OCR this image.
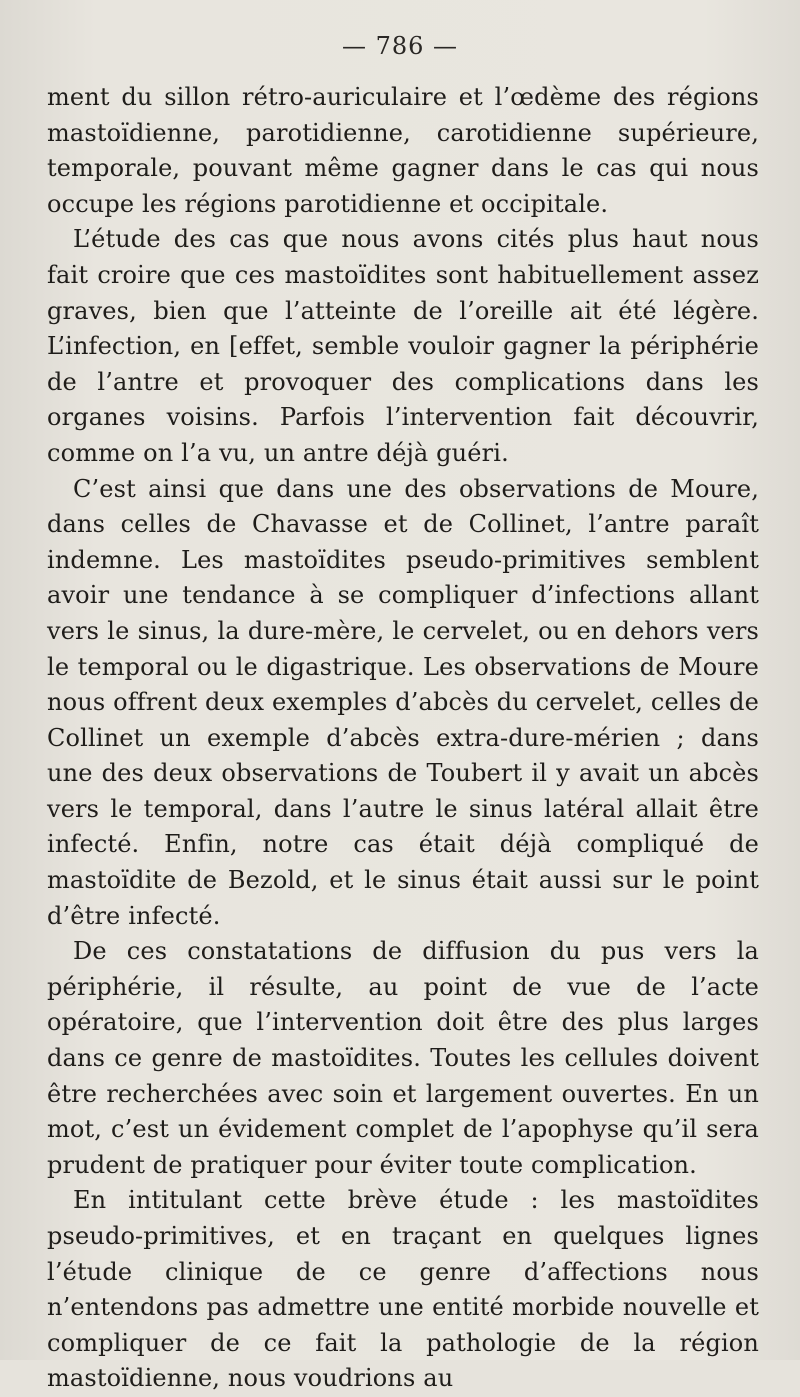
— 786 —

ment du sillon rétro-auriculaire et l’œdème des régions mastoïdienne, parotidienne, carotidienne supérieure, temporale, pouvant même gagner dans le cas qui nous occupe les régions parotidienne et occipitale.

L’étude des cas que nous avons cités plus haut nous fait croire que ces mastoïdites sont habituellement assez graves, bien que l’atteinte de l’oreille ait été légère. L’infection, en [effet, semble vouloir gagner la périphérie de l’antre et provoquer des complications dans les organes voisins. Parfois l’intervention fait découvrir, comme on l’a vu, un antre déjà guéri.

C’est ainsi que dans une des observations de Moure, dans celles de Chavasse et de Collinet, l’antre paraît indemne. Les mastoïdites pseudo-primitives semblent avoir une tendance à se compliquer d’infections allant vers le sinus, la dure-mère, le cervelet, ou en dehors vers le temporal ou le digastrique. Les observations de Moure nous offrent deux exemples d’abcès du cervelet, celles de Collinet un exemple d’abcès extra-dure-mérien ; dans une des deux observations de Toubert il y avait un abcès vers le temporal, dans l’autre le sinus latéral allait être infecté. Enfin, notre cas était déjà compliqué de mastoïdite de Bezold, et le sinus était aussi sur le point d’être infecté.

De ces constatations de diffusion du pus vers la périphérie, il résulte, au point de vue de l’acte opératoire, que l’intervention doit être des plus larges dans ce genre de mastoïdites. Toutes les cellules doivent être recherchées avec soin et largement ouvertes. En un mot, c’est un évidement complet de l’apophyse qu’il sera prudent de pratiquer pour éviter toute complication.

En intitulant cette brève étude : les mastoïdites pseudo-primitives, et en traçant en quelques lignes l’étude clinique de ce genre d’affections nous n’entendons pas admettre une entité morbide nouvelle et compliquer de ce fait la pathologie de la région mastoïdienne, nous voudrions au
